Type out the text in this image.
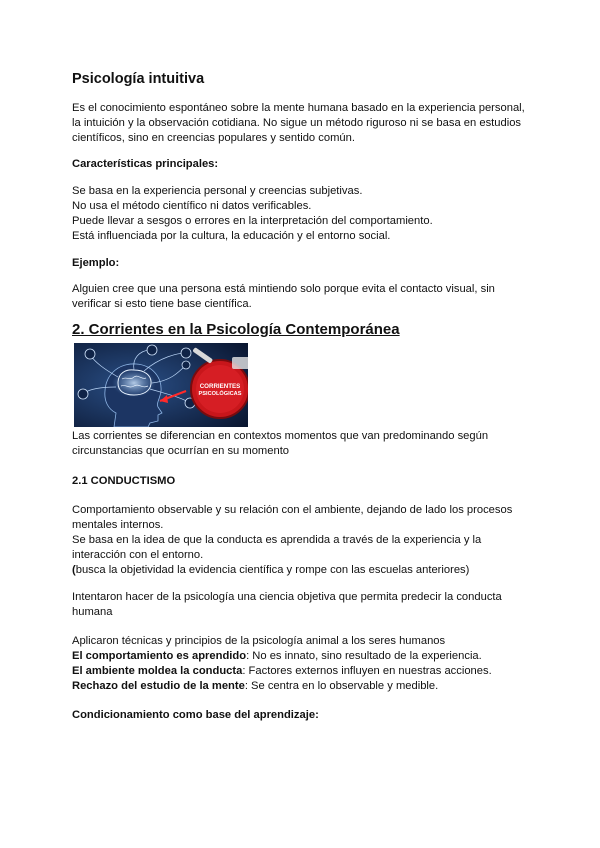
Psicología intuitiva
Es el conocimiento espontáneo sobre la mente humana basado en la experiencia personal,
la intuición y la observación cotidiana. No sigue un método riguroso ni se basa en estudios
científicos, sino en creencias populares y sentido común.
Características principales:
Se basa en la experiencia personal y creencias subjetivas.
No usa el método científico ni datos verificables.
Puede llevar a sesgos o errores en la interpretación del comportamiento.
Está influenciada por la cultura, la educación y el entorno social.
Ejemplo:
Alguien cree que una persona está mintiendo solo porque evita el contacto visual, sin
verificar si esto tiene base científica.
2. Corrientes en la Psicología Contemporánea
CORRIENTES
PSICOLÓGICAS
Las corrientes se diferencian en contextos momentos que van predominando según
circunstancias que ocurrían en su momento
2.1 CONDUCTISMO
Comportamiento observable y su relación con el ambiente, dejando de lado los procesos
mentales internos.
Se basa en la idea de que la conducta es aprendida a través de la experiencia y la
interacción con el entorno.
(busca la objetividad la evidencia científica y rompe con las escuelas anteriores)
Intentaron hacer de la psicología una ciencia objetiva que permita predecir la conducta
humana
Aplicaron técnicas y principios de la psicología animal a los seres humanos
El comportamiento es aprendido: No es innato, sino resultado de la experiencia.
El ambiente moldea la conducta: Factores externos influyen en nuestras acciones.
Rechazo del estudio de la mente: Se centra en lo observable y medible.
Condicionamiento como base del aprendizaje:
